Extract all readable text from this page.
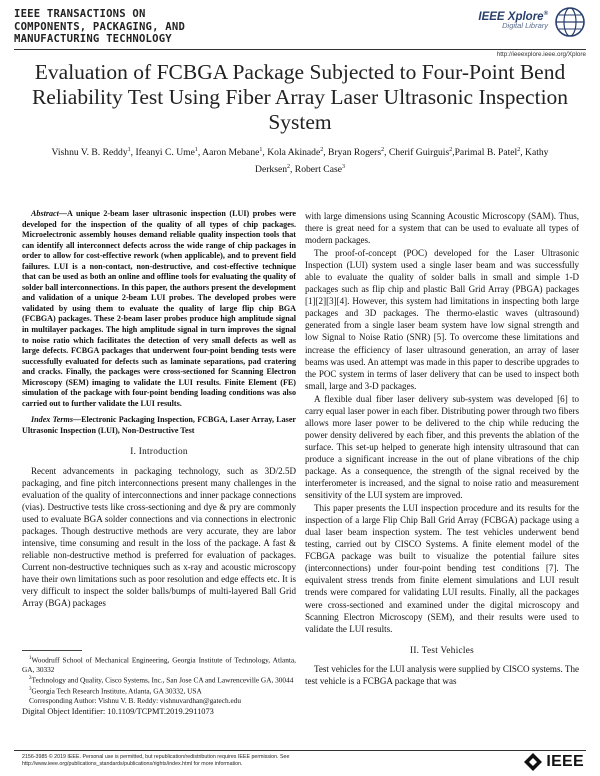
IEEE TRANSACTIONS ON
COMPONENTS, PACKAGING, AND
MANUFACTURING TECHNOLOGY
IEEE Xplore®
Digital Library
http://ieeexplore.ieee.org/Xplore
Evaluation of FCBGA Package Subjected to Four-Point Bend Reliability Test Using Fiber Array Laser Ultrasonic Inspection System
Vishnu V. B. Reddy$^1$, Ifeanyi C. Ume$^1$, Aaron Mebane$^1$, Kola Akinade$^2$, Bryan Rogers$^2$, Cherif Guirguis$^2$,Parimal B. Patel$^2$, Kathy Derksen$^2$, Robert Case$^3$

Abstract—A unique 2-beam laser ultrasonic inspection (LUI) probes were developed for the inspection of the quality of all types of chip packages. Microelectronic assembly houses demand reliable quality inspection tools that can identify all interconnect defects across the wide range of chip packages in order to allow for cost-effective rework (when applicable), and to prevent field failures. LUI is a non-contact, non-destructive, and cost-effective technique that can be used as both an online and offline tools for evaluating the quality of solder ball interconnections. In this paper, the authors present the development and validation of a unique 2-beam LUI probes. The developed probes were validated by using them to evaluate the quality of large flip chip BGA (FCBGA) packages. These 2-beam laser probes produce high amplitude signal in multilayer packages. The high amplitude signal in turn improves the signal to noise ratio which facilitates the detection of very small defects as well as large defects. FCBGA packages that underwent four-point bending tests were successfully evaluated for defects such as laminate separations, pad cratering and cracks. Finally, the packages were cross-sectioned for Scanning Electron Microscopy (SEM) imaging to validate the LUI results. Finite Element (FE) simulation of the package with four-point bending loading conditions was also carried out to further validate the LUI results.

Index Terms—Electronic Packaging Inspection, FCBGA, Laser Array, Laser Ultrasonic Inspection (LUI), Non-Destructive Test

I. Introduction

Recent advancements in packaging technology, such as 3D/2.5D packaging, and fine pitch interconnections present many challenges in the evaluation of the quality of interconnections and inner package connections (vias). Destructive tests like cross-sectioning and dye & pry are commonly used to evaluate BGA solder connections and via connections in electronic packages. Though destructive methods are very accurate, they are labor intensive, time consuming and result in the loss of the package. A fast & reliable non-destructive method is preferred for evaluation of packages. Current non-destructive techniques such as x-ray and acoustic microscopy have their own limitations such as poor resolution and edge effects etc. It is very difficult to inspect the solder balls/bumps of multi-layered Ball Grid Array (BGA) packages

with large dimensions using Scanning Acoustic Microscopy (SAM). Thus, there is great need for a system that can be used to evaluate all types of modern packages.

The proof-of-concept (POC) developed for the Laser Ultrasonic Inspection (LUI) system used a single laser beam and was successfully able to evaluate the quality of solder balls in small and simple 1-D packages such as flip chip and plastic Ball Grid Array (PBGA) packages [1][2][3][4]. However, this system had limitations in inspecting both large packages and 3D packages. The thermo-elastic waves (ultrasound) generated from a single laser beam system have low signal strength and low Signal to Noise Ratio (SNR) [5]. To overcome these limitations and increase the efficiency of laser ultrasound generation, an array of laser beams was used. An attempt was made in this paper to describe upgrades to the POC system in terms of laser delivery that can be used to inspect both small, large and 3-D packages.

A flexible dual fiber laser delivery sub-system was developed [6] to carry equal laser power in each fiber. Distributing power through two fibers allows more laser power to be delivered to the chip while reducing the power density delivered by each fiber, and this prevents the ablation of the surface. This set-up helped to generate high intensity ultrasound that can produce a significant increase in the out of plane vibrations of the chip package. As a consequence, the strength of the signal received by the interferometer is increased, and the signal to noise ratio and measurement sensitivity of the LUI system are improved.

This paper presents the LUI inspection procedure and its results for the inspection of a large Flip Chip Ball Grid Array (FCBGA) package using a dual laser beam inspection system. The test vehicles underwent bend testing, carried out by CISCO Systems. A finite element model of the FCBGA package was built to visualize the potential failure sites (interconnections) under four-point bending test conditions [7]. The equivalent stress trends from finite element simulations and LUI result trends were compared for validating LUI results. Finally, all the packages were cross-sectioned and examined under the digital microscopy and Scanning Electron Microscopy (SEM), and their results were used to validate the LUI results.

II. Test Vehicles

Test vehicles for the LUI analysis were supplied by CISCO systems. The test vehicle is a FCBGA package that was

$^1$Woodruff School of Mechanical Engineering, Georgia Institute of Technology, Atlanta, GA, 30332

$^2$Technology and Quality, Cisco Systems, Inc., San Jose CA and Lawrenceville GA, 30044

$^3$Georgia Tech Research Institute, Atlanta, GA 30332, USA

Corresponding Author: Vishnu V. B. Reddy: vishnuvardhan@gatech.edu

Digital Object Identifier: 10.1109/TCPMT.2019.2911073

2156-3985 © 2019 IEEE. Personal use is permitted, but republication/redistribution requires IEEE permission. See http://www.ieee.org/publications_standards/publications/rights/index.html for more information.	IEEE
